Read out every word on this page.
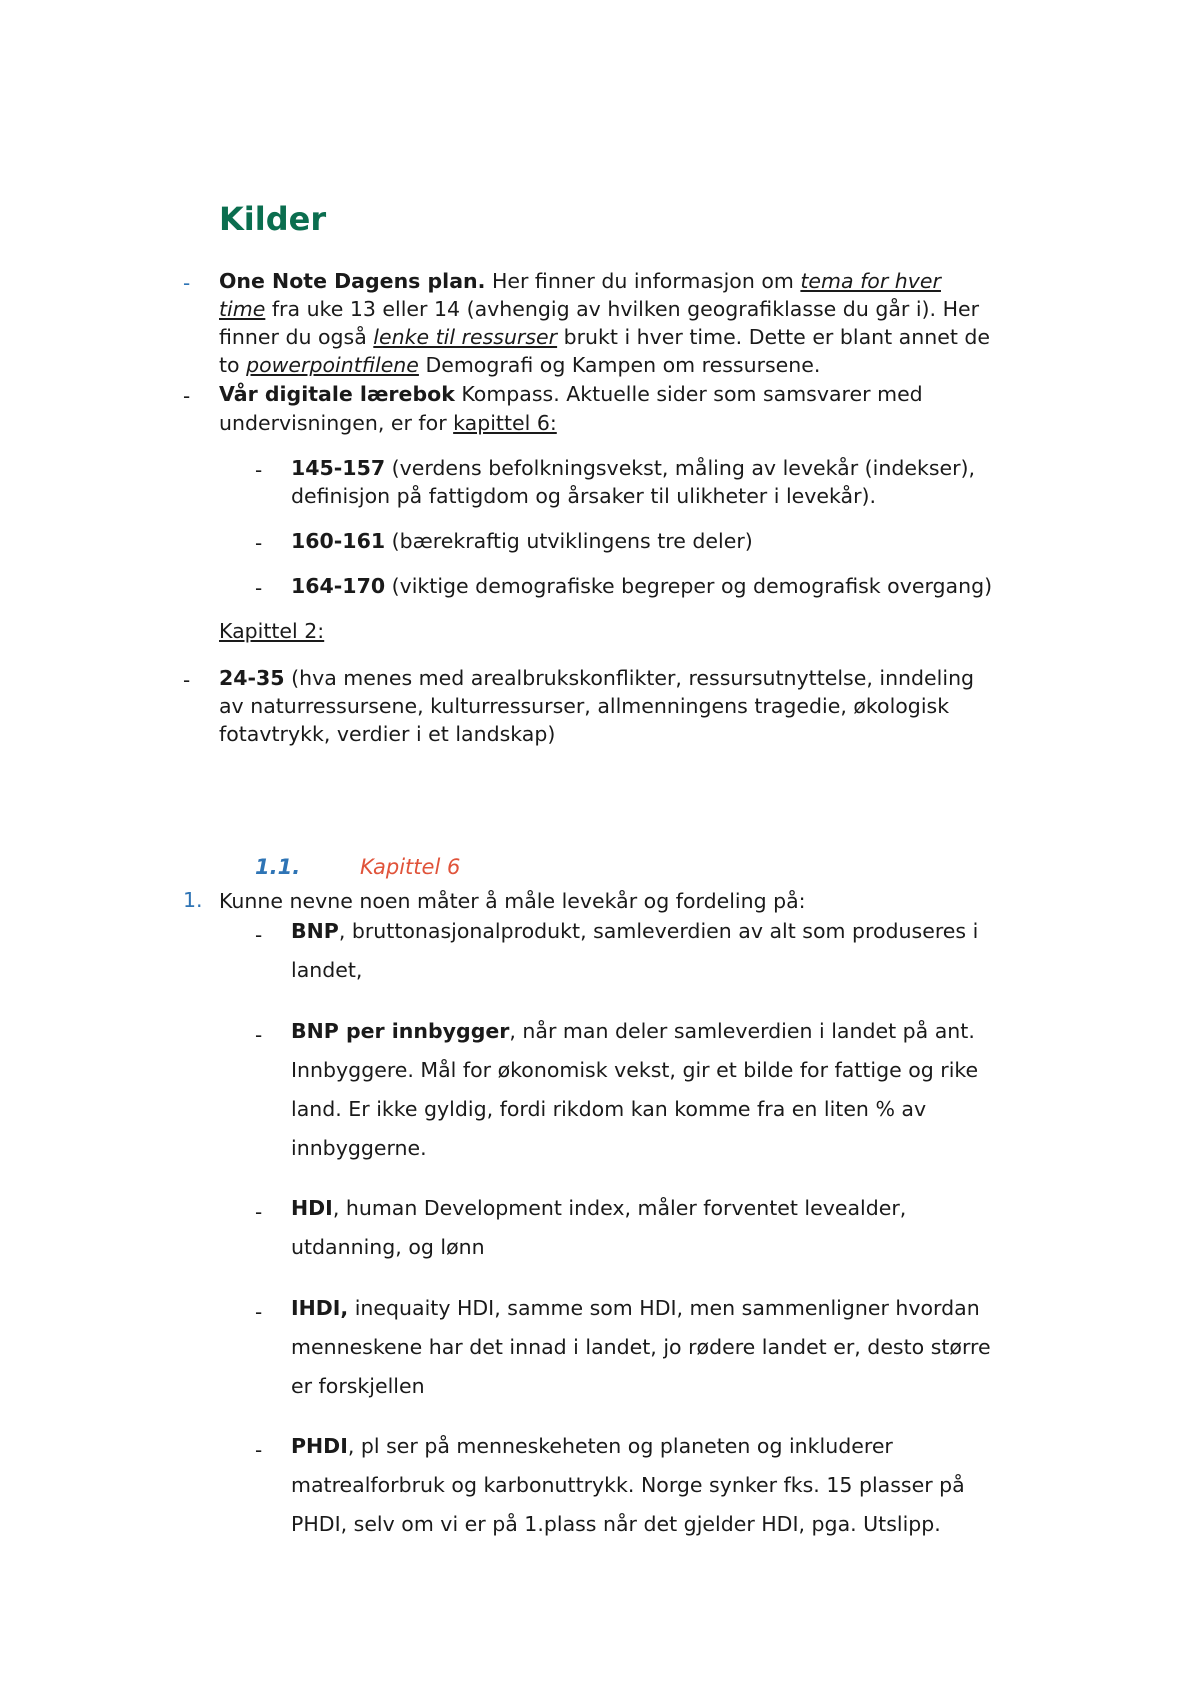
Kilder
- One Note Dagens plan. Her finner du informasjon om tema for hver
time fra uke 13 eller 14 (avhengig av hvilken geografiklasse du går i). Her
finner du også lenke til ressurser brukt i hver time. Dette er blant annet de
to powerpointfilene Demografi og Kampen om ressursene.
- Vår digitale lærebok Kompass. Aktuelle sider som samsvarer med
undervisningen, er for kapittel 6:
- 145-157 (verdens befolkningsvekst, måling av levekår (indekser),
definisjon på fattigdom og årsaker til ulikheter i levekår).
- 160-161 (bærekraftig utviklingens tre deler)
- 164-170 (viktige demografiske begreper og demografisk overgang)
Kapittel 2:
- 24-35 (hva menes med arealbrukskonflikter, ressursutnyttelse, inndeling
av naturressursene, kulturressurser, allmenningens tragedie, økologisk
fotavtrykk, verdier i et landskap)
1.1.	Kapittel 6
1. Kunne nevne noen måter å måle levekår og fordeling på:
- BNP, bruttonasjonalprodukt, samleverdien av alt som produseres i
landet,
- BNP per innbygger, når man deler samleverdien i landet på ant.
Innbyggere. Mål for økonomisk vekst, gir et bilde for fattige og rike
land. Er ikke gyldig, fordi rikdom kan komme fra en liten % av
innbyggerne.
- HDI, human Development index, måler forventet levealder,
utdanning, og lønn
- IHDI, inequaity HDI, samme som HDI, men sammenligner hvordan
menneskene har det innad i landet, jo rødere landet er, desto større
er forskjellen
- PHDI, pl ser på menneskeheten og planeten og inkluderer
matrealforbruk og karbonuttrykk. Norge synker fks. 15 plasser på
PHDI, selv om vi er på 1.plass når det gjelder HDI, pga. Utslipp.
